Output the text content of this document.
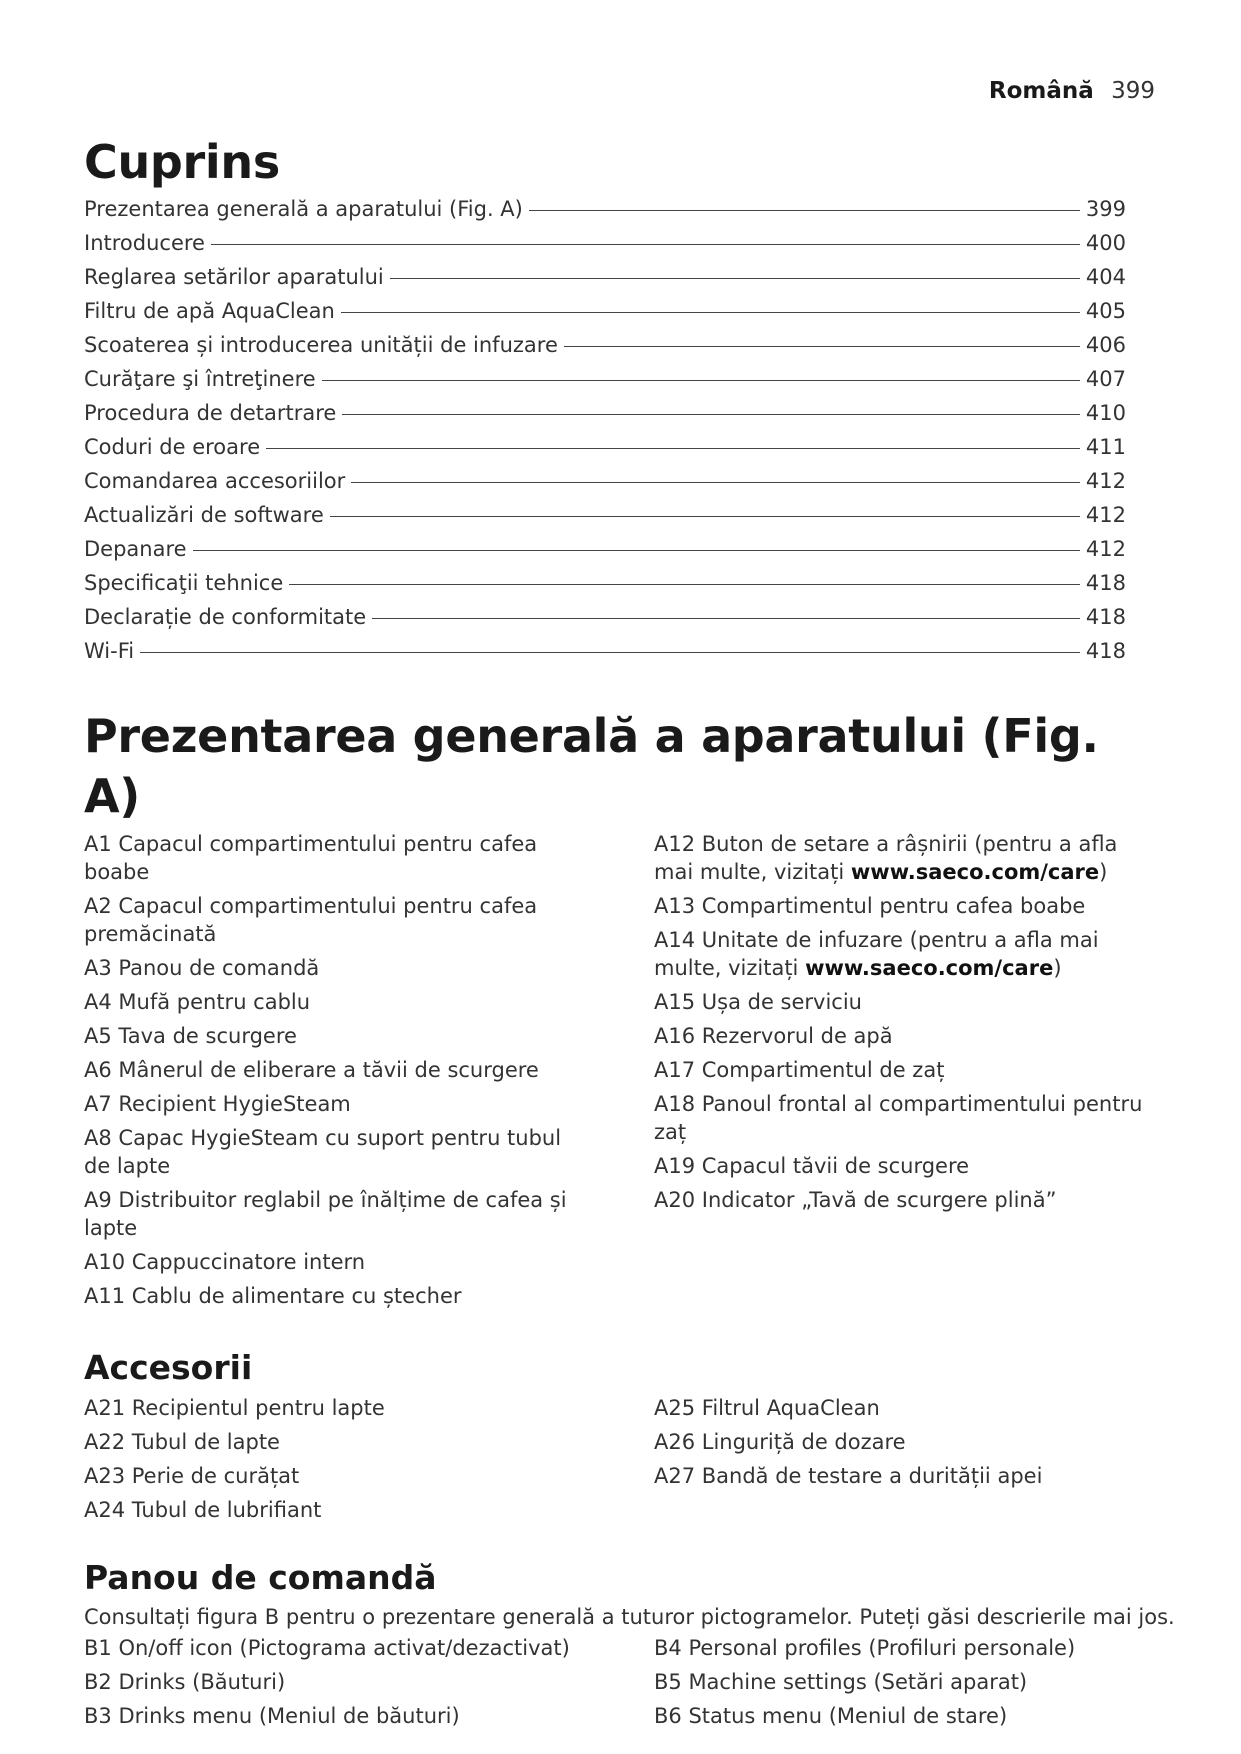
Română 399
Cuprins
Prezentarea generală a aparatului (Fig. A)	399
Introducere	400
Reglarea setărilor aparatului	404
Filtru de apă AquaClean	405
Scoaterea și introducerea unității de infuzare	406
Curăţare şi întreţinere	407
Procedura de detartrare	410
Coduri de eroare	411
Comandarea accesoriilor	412
Actualizări de software	412
Depanare	412
Specificaţii tehnice	418
Declarație de conformitate	418
Wi-Fi	418
Prezentarea generală a aparatului (Fig. A)

A1 Capacul compartimentului pentru cafea boabe

A2 Capacul compartimentului pentru cafea premăcinată

A3 Panou de comandă

A4 Mufă pentru cablu

A5 Tava de scurgere

A6 Mânerul de eliberare a tăvii de scurgere

A7 Recipient HygieSteam

A8 Capac HygieSteam cu suport pentru tubul de lapte

A9 Distribuitor reglabil pe înălțime de cafea și lapte

A10 Cappuccinatore intern

A11 Cablu de alimentare cu ștecher

A12 Buton de setare a râșnirii (pentru a afla mai multe, vizitați www.saeco.com/care)

A13 Compartimentul pentru cafea boabe

A14 Unitate de infuzare (pentru a afla mai multe, vizitați www.saeco.com/care)

A15 Ușa de serviciu

A16 Rezervorul de apă

A17 Compartimentul de zaț

A18 Panoul frontal al compartimentului pentru zaț

A19 Capacul tăvii de scurgere

A20 Indicator „Tavă de scurgere plină”

Accesorii

A21 Recipientul pentru lapte

A22 Tubul de lapte

A23 Perie de curățat

A24 Tubul de lubrifiant

A25 Filtrul AquaClean

A26 Linguriță de dozare

A27 Bandă de testare a durității apei

Panou de comandă

Consultați figura B pentru o prezentare generală a tuturor pictogramelor. Puteți găsi descrierile mai jos.

B1 On/off icon (Pictograma activat/dezactivat)

B2 Drinks (Băuturi)

B3 Drinks menu (Meniul de băuturi)

B4 Personal profiles (Profiluri personale)

B5 Machine settings (Setări aparat)

B6 Status menu (Meniul de stare)
